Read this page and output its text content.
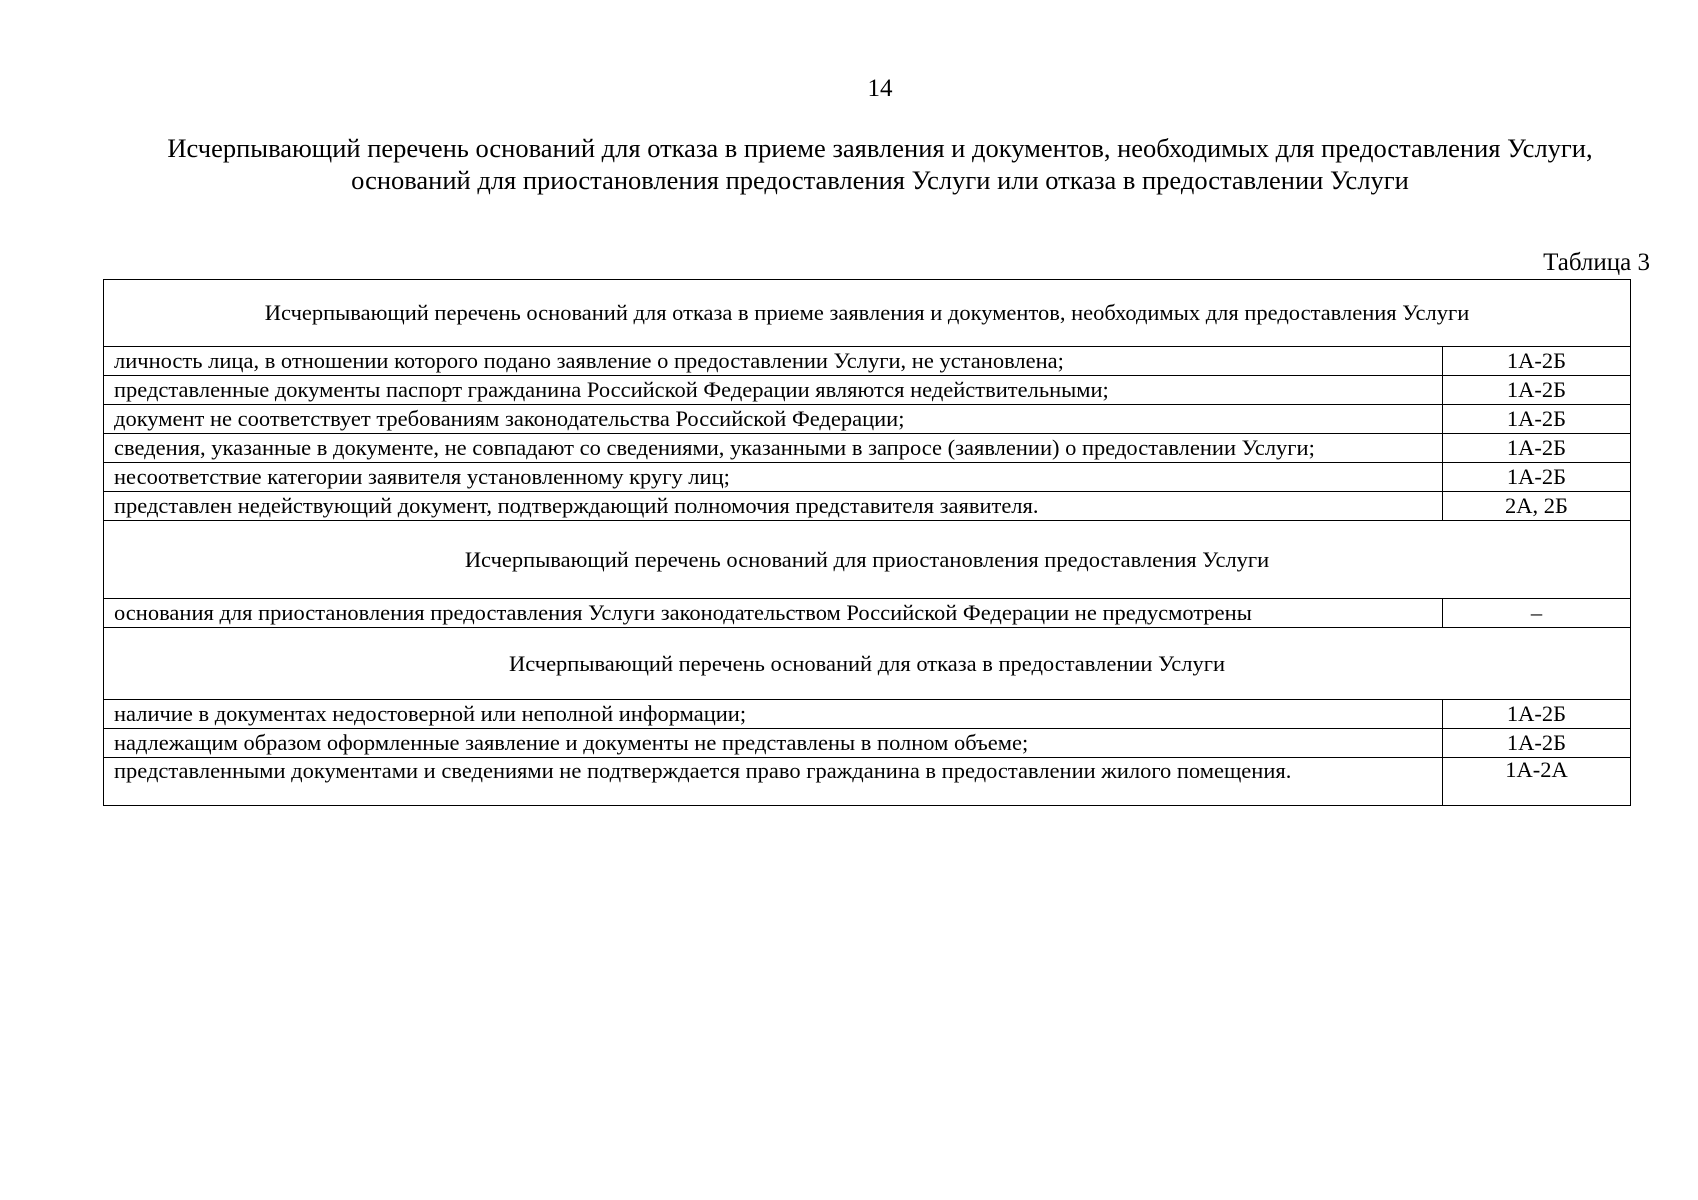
14
Исчерпывающий перечень оснований для отказа в приеме заявления и документов, необходимых для предоставления Услуги, оснований для приостановления предоставления Услуги или отказа в предоставлении Услуги
Таблица 3
Исчерпывающий перечень оснований для отказа в приеме заявления и документов, необходимых для предоставления Услуги	
личность лица, в отношении которого подано заявление о предоставлении Услуги, не установлена;	1А-2Б
представленные документы паспорт гражданина Российской Федерации являются недействительными;	1А-2Б
документ не соответствует требованиям законодательства Российской Федерации;	1А-2Б
сведения, указанные в документе, не совпадают со сведениями, указанными в запросе (заявлении) о предоставлении Услуги;	1А-2Б
несоответствие категории заявителя установленному кругу лиц;	1А-2Б
представлен недействующий документ, подтверждающий полномочия представителя заявителя.	2А, 2Б
Исчерпывающий перечень оснований для приостановления предоставления Услуги	
основания для приостановления предоставления Услуги законодательством Российской Федерации не предусмотрены	–
Исчерпывающий перечень оснований для отказа в предоставлении Услуги	
наличие в документах недостоверной или неполной информации;	1А-2Б
надлежащим образом оформленные заявление и документы не представлены в полном объеме;	1А-2Б
представленными документами и сведениями не подтверждается право гражданина в предоставлении жилого помещения.	1А-2А
